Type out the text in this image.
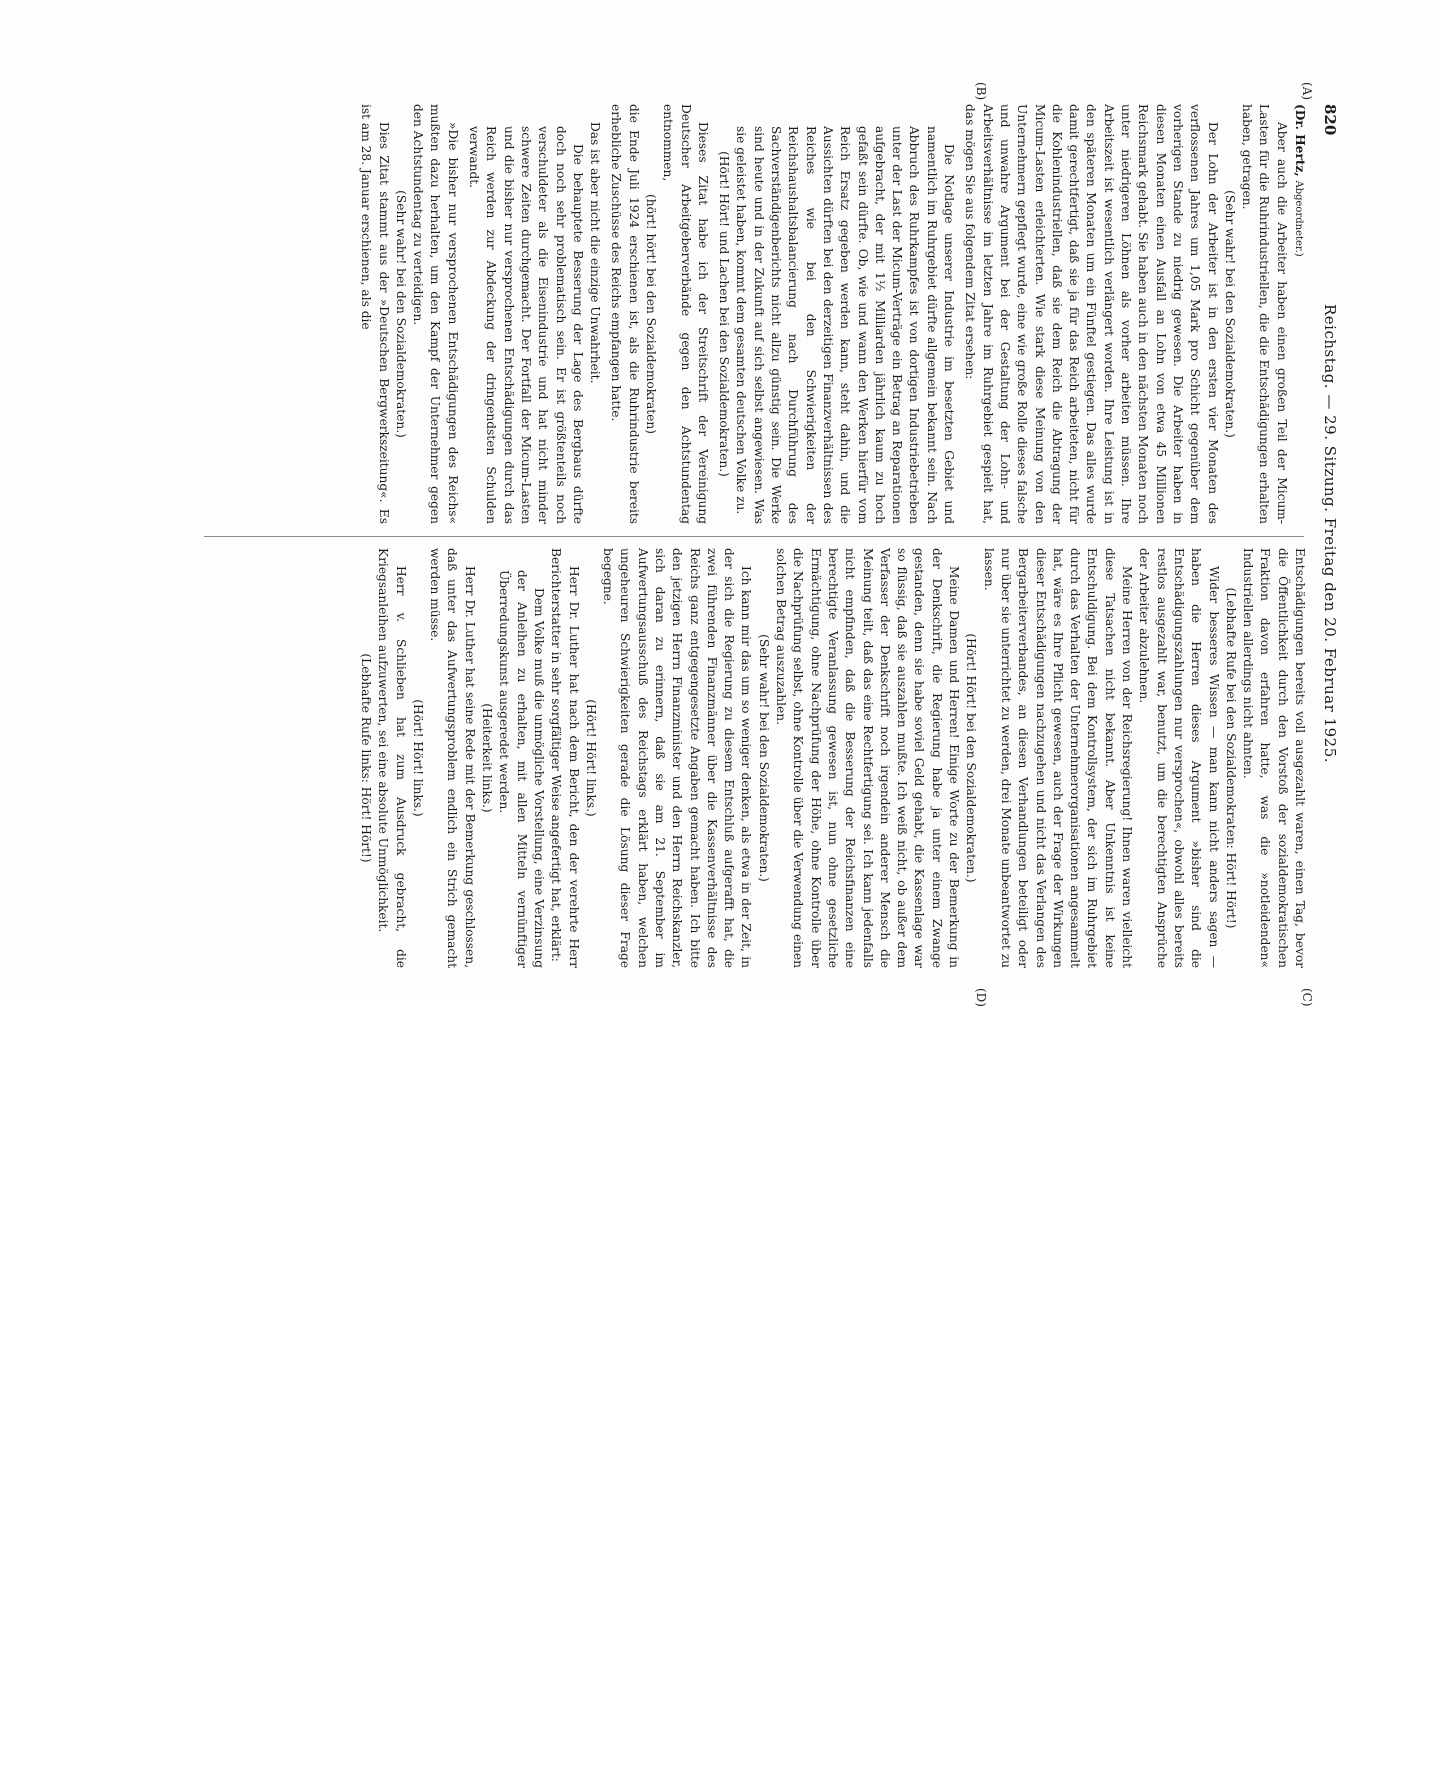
820
Reichstag. — 29. Sitzung. Freitag den 20. Februar 1925.
(A)
(B)
(C)
(D)

(Dr. Hertz, Abgeordneter.)

Aber auch die Arbeiter haben einen großen Teil der Micum-Lasten für die Ruhrindustriellen, die die Entschädigungen erhalten haben, getragen.

(Sehr wahr! bei den Sozialdemokraten.)

Der Lohn der Arbeiter ist in den ersten vier Monaten des verflossenen Jahres um 1,05 Mark pro Schicht gegenüber dem vorherigen Stande zu niedrig gewesen. Die Arbeiter haben in diesen Monaten einen Ausfall an Lohn von etwa 45 Millionen Reichsmark gehabt. Sie haben auch in den nächsten Monaten noch unter niedrigeren Löhnen als vorher arbeiten müssen. Ihre Arbeitszeit ist wesentlich verlängert worden. Ihre Leistung ist in den späteren Monaten um ein Fünftel gestiegen. Das alles wurde damit gerechtfertigt, daß sie ja für das Reich arbeiteten, nicht für die Kohlenindustriellen, daß sie dem Reich die Abtragung der Micum-Lasten erleichterten. Wie stark diese Meinung von den Unternehmern gepflegt wurde, eine wie große Rolle dieses falsche und unwahre Argument bei der Gestaltung der Lohn- und Arbeitsverhältnisse im letzten Jahre im Ruhrgebiet gespielt hat, das mögen Sie aus folgendem Zitat ersehen:

Die Notlage unserer Industrie im besetzten Gebiet und namentlich im Ruhrgebiet dürfte allgemein bekannt sein. Nach Abbruch des Ruhrkampfes ist von dortigen Industriebetrieben unter der Last der Micum-Verträge ein Betrag an Reparationen aufgebracht, der mit 1½ Milliarden jährlich kaum zu hoch gefaßt sein dürfte. Ob, wie und wann den Werken hierfür vom Reich Ersatz gegeben werden kann, steht dahin, und die Aussichten dürften bei den derzeitigen Finanzverhältnissen des Reiches wie bei den Schwierigkeiten der Reichshaushaltsbalancierung nach Durchführung des Sachverständigenberichts nicht allzu günstig sein. Die Werke sind heute und in der Zukunft auf sich selbst angewiesen. Was sie geleistet haben, kommt dem gesamten deutschen Volke zu.

(Hört! Hört! und Lachen bei den Sozialdemokraten.)

Dieses Zitat habe ich der Streitschrift der Vereinigung Deutscher Arbeitgeberverbände gegen den Achtstundentag entnommen,

(hört! hört! bei den Sozialdemokraten)

die Ende Juli 1924 erschienen ist, als die Ruhrindustrie bereits erhebliche Zuschüsse des Reichs empfangen hatte.

Das ist aber nicht die einzige Unwahrheit.

Die behauptete Besserung der Lage des Bergbaus dürfte doch noch sehr problematisch sein. Er ist größtenteils noch verschuldeter als die Eisenindustrie und hat nicht minder schwere Zeiten durchgemacht. Der Fortfall der Micum-Lasten und die bisher nur versprochenen Entschädigungen durch das Reich werden zur Abdeckung der dringendsten Schulden verwandt.

»Die bisher nur versprochenen Entschädigungen des Reichs« mußten dazu herhalten, um den Kampf der Unternehmer gegen den Achtstundentag zu verteidigen.

(Sehr wahr! bei den Sozialdemokraten.)

Dies Zitat stammt aus der »Deutschen Bergwerkszeitung«. Es ist am 28. Januar erschienen, als die

Entschädigungen bereits voll ausgezahlt waren, einen Tag, bevor die Öffentlichkeit durch den Vorstoß der sozialdemokratischen Fraktion davon erfahren hatte, was die »notleidenden« Industriellen allerdings nicht ahnten.

(Lebhafte Rufe bei den Sozialdemokraten: Hört! Hört!)

Wider besseres Wissen — man kann nicht anders sagen — haben die Herren dieses Argument »bisher sind die Entschädigungszahlungen nur versprochen«, obwohl alles bereits restlos ausgezahlt war, benutzt, um die berechtigten Ansprüche der Arbeiter abzulehnen.

Meine Herren von der Reichsregierung! Ihnen waren vielleicht diese Tatsachen nicht bekannt. Aber Unkenntnis ist keine Entschuldigung. Bei dem Kontrollsystem, der sich im Ruhrgebiet durch das Verhalten der Unternehmerorganisationen angesammelt hat, wäre es Ihre Pflicht gewesen, auch der Frage der Wirkungen dieser Entschädigungen nachzugehen und nicht das Verlangen des Bergarbeiterverbandes, an diesen Verhandlungen beteiligt oder nur über sie unterrichtet zu werden, drei Monate unbeantwortet zu lassen.

(Hört! Hört! bei den Sozialdemokraten.)

Meine Damen und Herren! Einige Worte zu der Bemerkung in der Denkschrift, die Regierung habe ja unter einem Zwange gestanden, denn sie habe soviel Geld gehabt, die Kassenlage war so flüssig, daß sie auszahlen mußte. Ich weiß nicht, ob außer dem Verfasser der Denkschrift noch irgendein anderer Mensch die Meinung teilt, daß das eine Rechtfertigung sei. Ich kann jedenfalls nicht empfinden, daß die Besserung der Reichsfinanzen eine berechtigte Veranlassung gewesen ist, nun ohne gesetzliche Ermächtigung, ohne Nachprüfung der Höhe, ohne Kontrolle über die Nachprüfung selbst, ohne Kontrolle über die Verwendung einen solchen Betrag auszuzahlen.

(Sehr wahr! bei den Sozialdemokraten.)

Ich kann mir das um so weniger denken, als etwa in der Zeit, in der sich die Regierung zu diesem Entschluß aufgerafft hat, die zwei führenden Finanzmänner über die Kassenverhältnisse des Reichs ganz entgegengesetzte Angaben gemacht haben. Ich bitte den jetzigen Herrn Finanzminister und den Herrn Reichskanzler, sich daran zu erinnern, daß sie am 21. September im Aufwertungsausschuß des Reichstags erklärt haben, welchen ungeheuren Schwierigkeiten gerade die Lösung dieser Frage begegne.

(Hört! Hört! links.)

Herr Dr. Luther hat nach dem Bericht, den der verehrte Herr Berichterstatter in sehr sorgfältiger Weise angefertigt hat, erklärt:

Dem Volke muß die unmögliche Vorstellung, eine Verzinsung der Anleihen zu erhalten, mit allen Mitteln vernünftiger Überredungskunst ausgeredet werden.

(Heiterkeit links.)

Herr Dr. Luther hat seine Rede mit der Bemerkung geschlossen, daß unter das Aufwertungsproblem endlich ein Strich gemacht werden müsse.

(Hört! Hört! links.)

Herr v. Schlieben hat zum Ausdruck gebracht, die Kriegsanleihen aufzuwerten, sei eine absolute Unmöglichkeit.

(Lebhafte Rufe links: Hört! Hört!)
